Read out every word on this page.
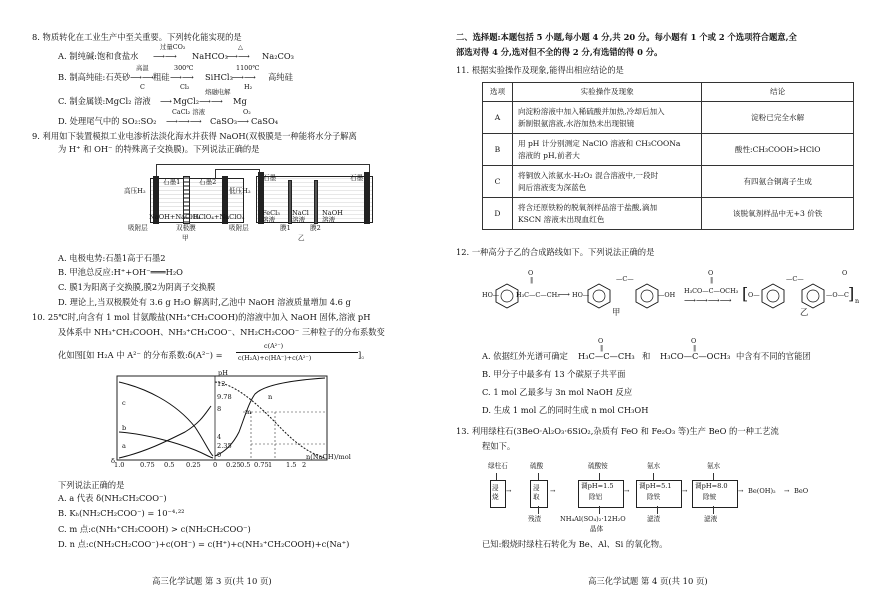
8. 物质转化在工业生产中至关重要。下列转化能实现的是
A. 制纯碱:饱和食盐水
过量CO₂
⟶⟶ NaHCO₃
△
⟶⟶ Na₂CO₃
B. 制高纯硅:石英砂
高温
⟶⟶
C
粗硅
300℃
⟶⟶
Cl₂
SiHCl₃
1100℃
⟶⟶
H₂
高纯硅
C. 制金属镁:MgCl₂ 溶液 ⟶ MgCl₂
熔融电解
⟶⟶ Mg
D. 处理尾气中的 SO₂:SO₂
CaCl₂ 溶液
⟶⟶⟶ CaSO₃
O₂
⟶ CaSO₄
9. 利用如下装置模拟工业电渗析法淡化海水并获得 NaOH(双极膜是一种能将水分子解离
为 H⁺ 和 OH⁻ 的特殊离子交换膜)。下列说法正确的是
高压H₂
石墨1	石墨2
低压H₂
NaOH+NaClO₄
HClO₄+NaClO₄
吸附层	双极膜	吸附层
甲
石墨	石墨
FeCl₃
溶液
NaCl
溶液
NaOH
溶液
膜1	膜2
乙
A. 电极电势:石墨1高于石墨2
B. 甲池总反应:H⁺+OH⁻═══H₂O
C. 膜1为阳离子交换膜,膜2为阴离子交换膜
D. 理论上,当双极膜处有 3.6 g H₂O 解离时,乙池中 NaOH 溶液质量增加 4.6 g
10. 25℃时,向含有 1 mol 甘氨酸盐(NH₃⁺CH₂COOH)的溶液中加入 NaOH 固体,溶液 pH
及体系中 NH₃⁺CH₂COOH、NH₃⁺CH₂COO⁻、NH₂CH₂COO⁻ 三种粒子的分布系数变
化如图[如 H₂A 中 A²⁻ 的分布系数:δ(A²⁻) =
c(A²⁻)
c(H₂A)+c(HA⁻)+c(A²⁻)	]。
δ
pH
c
b
a
m
n
12
9.78
8
4
2.35
0
1.0 0.75 0.5 0.25 0 0.25 0.5 0.75 1 1.5 2
n(NaOH)/mol
下列说法正确的是
A. a 代表 δ(NH₂CH₂COO⁻)
B. Kₕ(NH₂CH₂COO⁻) = 10⁻⁴·²²
C. m 点:c(NH₃⁺CH₂COOH) > c(NH₂CH₂COO⁻)
D. n 点:c(NH₂CH₂COO⁻)+c(OH⁻) = c(H⁺)+c(NH₃⁺CH₂COOH)+c(Na⁺)
高三化学试题 第 3 页(共 10 页)
二、选择题:本题包括 5 小题,每小题 4 分,共 20 分。每小题有 1 个或 2 个选项符合题意,全
部选对得 4 分,选对但不全的得 2 分,有选错的得 0 分。
11. 根据实验操作及现象,能得出相应结论的是
选项	实验操作及现象	结论
A	向淀粉溶液中加入稀硫酸并加热,冷却后加入
新制银氨溶液,水浴加热未出现银镜	淀粉已完全水解
B	用 pH 计分别测定 NaClO 溶液和 CH₃COONa
溶液的 pH,前者大	酸性:CH₃COOH>HClO
C	将铜放入浓氨水-H₂O₂ 混合溶液中,一段时
间后溶液变为深蓝色	有四氨合铜离子生成
D	将含还原铁粉的脱氧剂样品溶于盐酸,滴加
KSCN 溶液未出现血红色	该脱氧剂样品中无+3 价铁
12. 一种高分子乙的合成路线如下。下列说法正确的是
HO—
O
‖
H₃C—C—CH₃
⟶ HO—
—C—
—OH
O
‖
H₃CO—C—OCH₃
⟶⟶⟶⟶
甲
[ O—
—C—
—O—C
O
] n
乙
A. 依据红外光谱可确定
O
‖
H₃C—C—CH₃ 和
O
‖
H₃CO—C—OCH₃ 中含有不同的官能团
B. 甲分子中最多有 13 个碳原子共平面
C. 1 mol 乙最多与 3n mol NaOH 反应
D. 生成 1 mol 乙的同时生成 n mol CH₃OH
13. 利用绿柱石(3BeO·Al₂O₃·6SiO₂,杂质有 FeO 和 Fe₂O₃ 等)生产 BeO 的一种工艺流
程如下。
绿柱石	硫酸	硫酸铵	氨水	氨水
浸烧
→	浸取
→
调pH=1.5
除铝
→
调pH=5.1
除铁
→
调pH=8.0
除铍
→ Be(OH)₂ → BeO
残渣	NH₄Al(SO₄)₂·12H₂O
晶体
滤渣	滤液
已知:煅烧时绿柱石转化为 Be、Al、Si 的氧化物。
高三化学试题 第 4 页(共 10 页)
